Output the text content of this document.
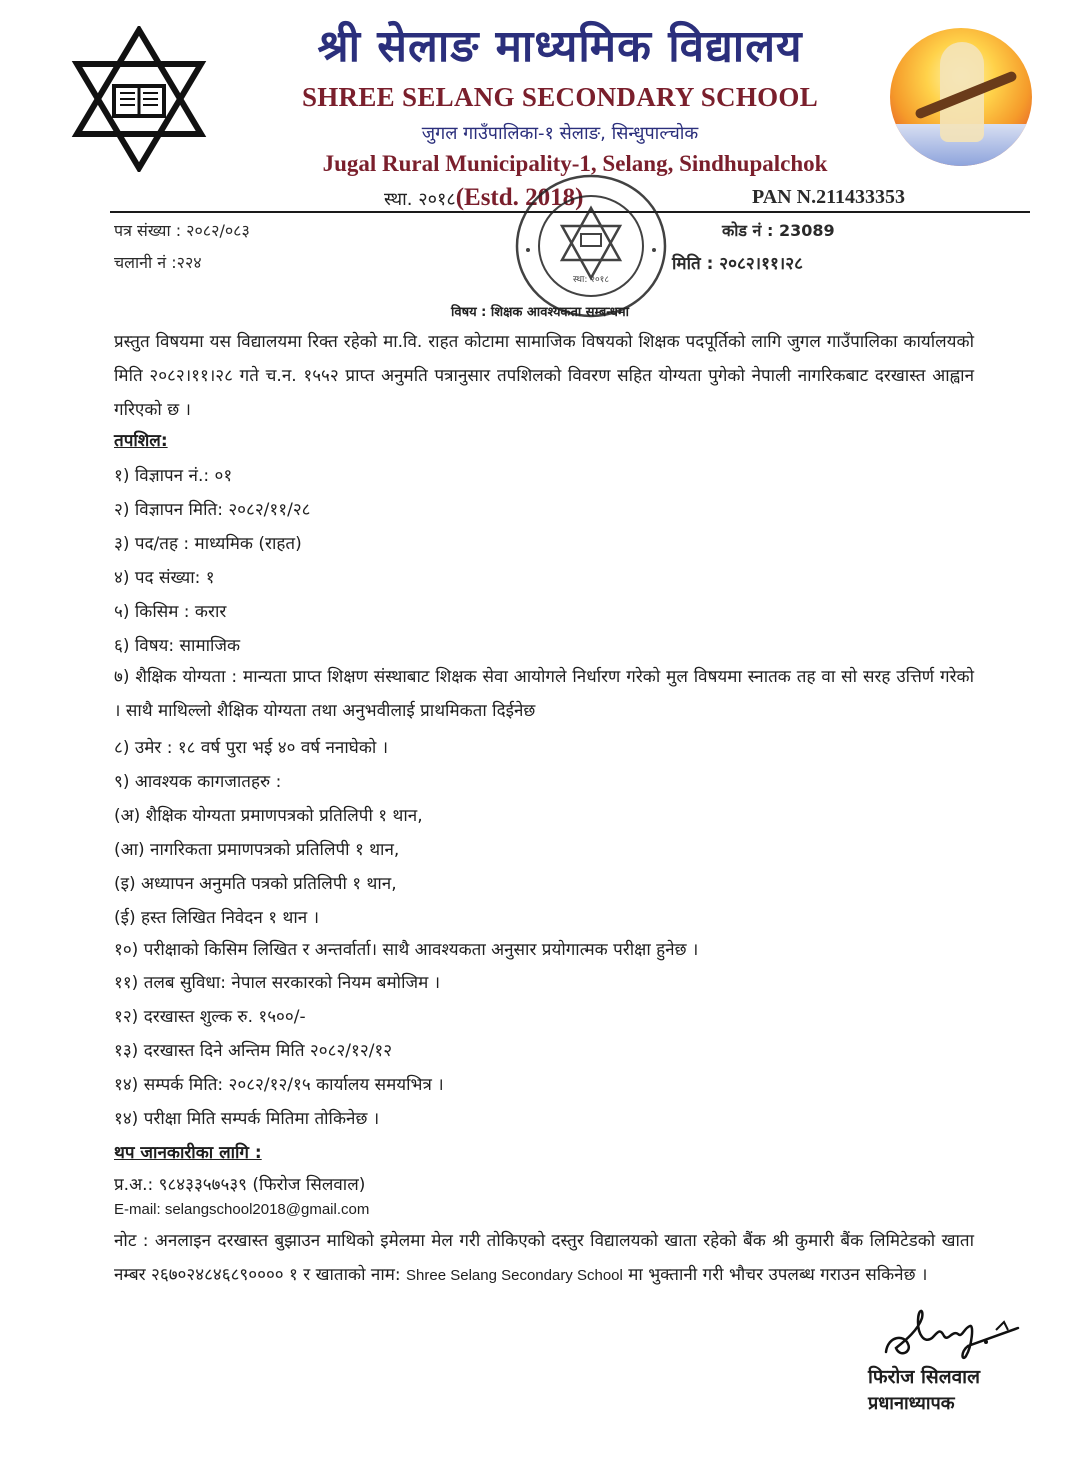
श्री सेलाङ माध्यमिक विद्यालय
SHREE SELANG SECONDARY SCHOOL
जुगल गाउँपालिका-१ सेलाङ, सिन्धुपाल्चोक
Jugal Rural Municipality-1, Selang, Sindhupalchok
स्था. २०१८(Estd. 2018)	PAN N.211433353
पत्र संख्या : २०८२/०८३
चलानी नं :२२४
कोड नं : 23089
मिति : २०८२।११।२८
स्था: २०१८
विषय : शिक्षक आवश्यकता सम्बन्धमा
प्रस्तुत विषयमा यस विद्यालयमा रिक्त रहेको मा.वि. राहत कोटामा सामाजिक विषयको शिक्षक पदपूर्तिको लागि जुगल गाउँपालिका कार्यालयको मिति २०८२।११।२८ गते च.न. १५५२ प्राप्त अनुमति पत्रानुसार तपशिलको विवरण सहित योग्यता पुगेको नेपाली नागरिकबाट दरखास्त आह्वान गरिएको छ ।
तपशिल:
१) विज्ञापन नं.: ०१
२) विज्ञापन मिति: २०८२/११/२८
३) पद/तह : माध्यमिक (राहत)
४) पद संख्या: १
५) किसिम : करार
६) विषय: सामाजिक
७) शैक्षिक योग्यता : मान्यता प्राप्त शिक्षण संस्थाबाट शिक्षक सेवा आयोगले निर्धारण गरेको मुल विषयमा स्नातक तह वा सो सरह उत्तिर्ण गरेको । साथै माथिल्लो शैक्षिक योग्यता तथा अनुभवीलाई प्राथमिकता दिईनेछ
८) उमेर : १८ वर्ष पुरा भई ४० वर्ष ननाघेको ।
९) आवश्यक कागजातहरु :
(अ) शैक्षिक योग्यता प्रमाणपत्रको प्रतिलिपी १ थान,
(आ) नागरिकता प्रमाणपत्रको प्रतिलिपी १ थान,
(इ) अध्यापन अनुमति पत्रको प्रतिलिपी १ थान,
(ई) हस्त लिखित निवेदन १ थान ।
१०) परीक्षाको किसिम लिखित र अन्तर्वार्ता। साथै आवश्यकता अनुसार प्रयोगात्मक परीक्षा हुनेछ ।
११) तलब सुविधा: नेपाल सरकारको नियम बमोजिम ।
१२) दरखास्त शुल्क रु. १५००/-
१३) दरखास्त दिने अन्तिम मिति २०८२/१२/१२
१४) सम्पर्क मिति: २०८२/१२/१५ कार्यालय समयभित्र ।
१४) परीक्षा मिति सम्पर्क मितिमा तोकिनेछ ।
थप जानकारीका लागि :
प्र.अ.: ९८४३३५७५३९ (फिरोज सिलवाल)
E-mail: selangschool2018@gmail.com
नोट : अनलाइन दरखास्त बुझाउन माथिको इमेलमा मेल गरी तोकिएको दस्तुर विद्यालयको खाता रहेको बैंक श्री कुमारी बैंक लिमिटेडको खाता नम्बर २६७०२४८४६८९०००० १ र खाताको नाम: Shree Selang Secondary School मा भुक्तानी गरी भौचर उपलब्ध गराउन सकिनेछ ।
फिरोज सिलवाल
प्रधानाध्यापक
